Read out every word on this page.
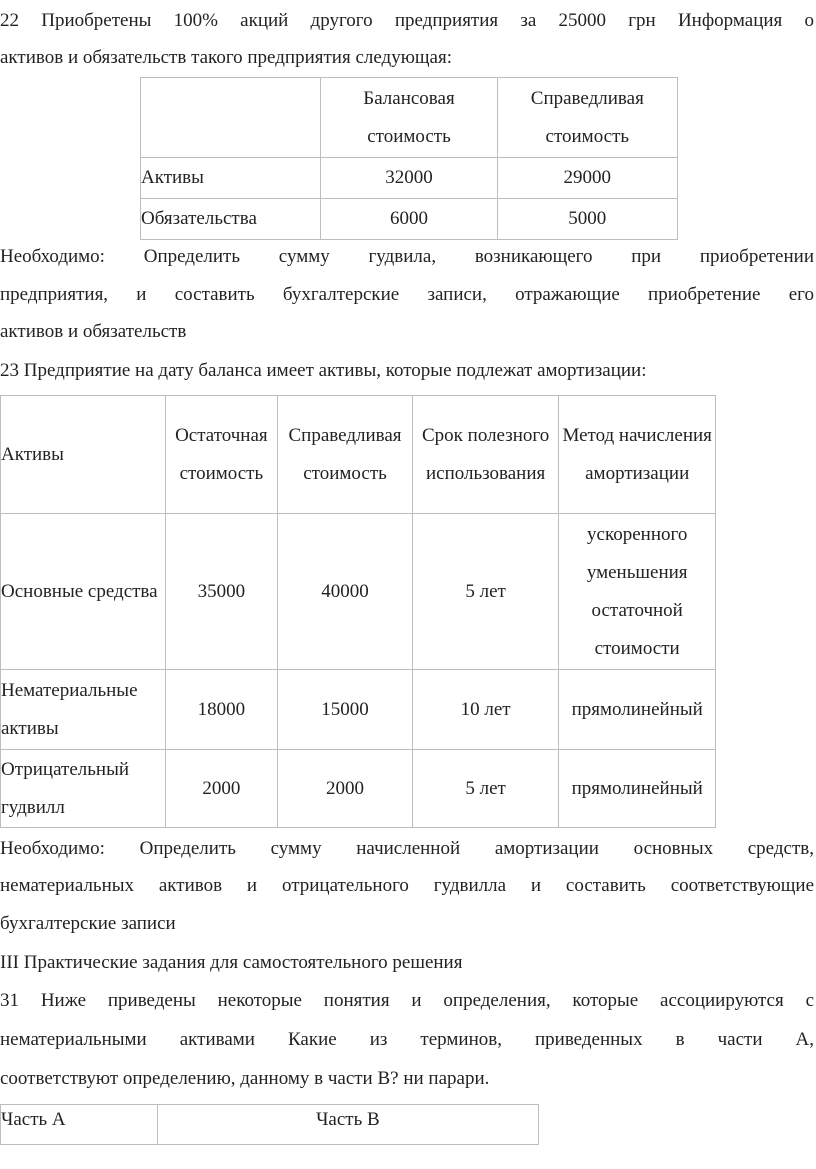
22 Приобретены 100% акций другого предприятия за 25000 грн Информация о

активов и обязательств такого предприятия следующая:

	Балансовая стоимость	Справедливая стоимость
Активы	32000	29000
Обязательства	6000	5000

Необходимо: Определить сумму гудвила, возникающего при приобретении

предприятия, и составить бухгалтерские записи, отражающие приобретение его

активов и обязательств

23 Предприятие на дату баланса имеет активы, которые подлежат амортизации:

Активы	Остаточная стоимость	Справедливая стоимость	Срок полезного использования	Метод начисления амортизации
Основные средства	35000	40000	5 лет	ускоренного уменьшения остаточной стоимости
Нематериальные активы	18000	15000	10 лет	прямолинейный
Отрицательный гудвилл	2000	2000	5 лет	прямолинейный

Необходимо: Определить сумму начисленной амортизации основных средств,

нематериальных активов и отрицательного гудвилла и составить соответствующие

бухгалтерские записи

III Практические задания для самостоятельного решения

31 Ниже приведены некоторые понятия и определения, которые ассоциируются с

нематериальными активами Какие из терминов, приведенных в части А,

соответствуют определению, данному в части В? ни парари.

Часть А	Часть В
